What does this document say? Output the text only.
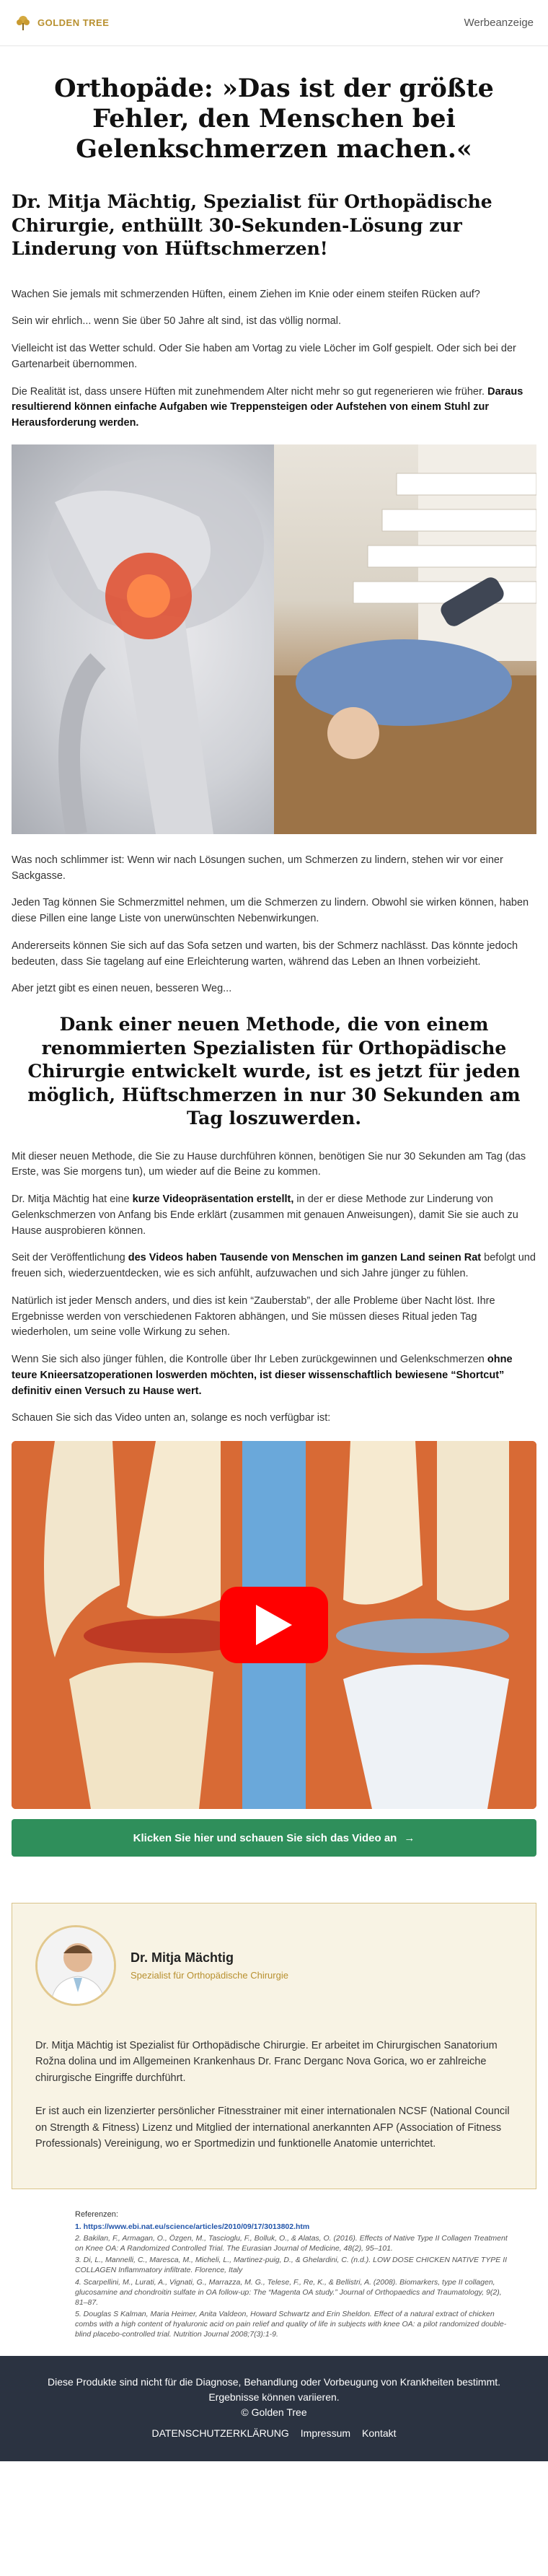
GOLDEN TREE	Werbeanzeige
Orthopäde: »Das ist der größte Fehler, den Menschen bei Gelenkschmerzen machen.«
Dr. Mitja Mächtig, Spezialist für Orthopädische Chirurgie, enthüllt 30-Sekunden-Lösung zur Linderung von Hüftschmerzen!

Wachen Sie jemals mit schmerzenden Hüften, einem Ziehen im Knie oder einem steifen Rücken auf?

Sein wir ehrlich... wenn Sie über 50 Jahre alt sind, ist das völlig normal.

Vielleicht ist das Wetter schuld. Oder Sie haben am Vortag zu viele Löcher im Golf gespielt. Oder sich bei der Gartenarbeit übernommen.

Die Realität ist, dass unsere Hüften mit zunehmendem Alter nicht mehr so gut regenerieren wie früher. Daraus resultierend können einfache Aufgaben wie Treppensteigen oder Aufstehen von einem Stuhl zur Herausforderung werden.

Was noch schlimmer ist: Wenn wir nach Lösungen suchen, um Schmerzen zu lindern, stehen wir vor einer Sackgasse.

Jeden Tag können Sie Schmerzmittel nehmen, um die Schmerzen zu lindern. Obwohl sie wirken können, haben diese Pillen eine lange Liste von unerwünschten Nebenwirkungen.

Andererseits können Sie sich auf das Sofa setzen und warten, bis der Schmerz nachlässt. Das könnte jedoch bedeuten, dass Sie tagelang auf eine Erleichterung warten, während das Leben an Ihnen vorbeizieht.

Aber jetzt gibt es einen neuen, besseren Weg...

Dank einer neuen Methode, die von einem renommierten Spezialisten für Orthopädische Chirurgie entwickelt wurde, ist es jetzt für jeden möglich, Hüftschmerzen in nur 30 Sekunden am Tag loszuwerden.

Mit dieser neuen Methode, die Sie zu Hause durchführen können, benötigen Sie nur 30 Sekunden am Tag (das Erste, was Sie morgens tun), um wieder auf die Beine zu kommen.

Dr. Mitja Mächtig hat eine kurze Videopräsentation erstellt, in der er diese Methode zur Linderung von Gelenkschmerzen von Anfang bis Ende erklärt (zusammen mit genauen Anweisungen), damit Sie sie auch zu Hause ausprobieren können.

Seit der Veröffentlichung des Videos haben Tausende von Menschen im ganzen Land seinen Rat befolgt und freuen sich, wiederzuentdecken, wie es sich anfühlt, aufzuwachen und sich Jahre jünger zu fühlen.

Natürlich ist jeder Mensch anders, und dies ist kein “Zauberstab”, der alle Probleme über Nacht löst. Ihre Ergebnisse werden von verschiedenen Faktoren abhängen, und Sie müssen dieses Ritual jeden Tag wiederholen, um seine volle Wirkung zu sehen.

Wenn Sie sich also jünger fühlen, die Kontrolle über Ihr Leben zurückgewinnen und Gelenkschmerzen ohne teure Knieersatzoperationen loswerden möchten, ist dieser wissenschaftlich bewiesene “Shortcut” definitiv einen Versuch zu Hause wert.

Schauen Sie sich das Video unten an, solange es noch verfügbar ist:

Klicken Sie hier und schauen Sie sich das Video an →
Dr. Mitja Mächtig
Spezialist für Orthopädische Chirurgie

Dr. Mitja Mächtig ist Spezialist für Orthopädische Chirurgie. Er arbeitet im Chirurgischen Sanatorium Rožna dolina und im Allgemeinen Krankenhaus Dr. Franc Derganc Nova Gorica, wo er zahlreiche chirurgische Eingriffe durchführt.

Er ist auch ein lizenzierter persönlicher Fitnesstrainer mit einer internationalen NCSF (National Council on Strength & Fitness) Lizenz und Mitglied der international anerkannten AFP (Association of Fitness Professionals) Vereinigung, wo er Sportmedizin und funktionelle Anatomie unterrichtet.

Referenzen:
1. https://www.ebi.nat.eu/science/articles/2010/09/17/3013802.htm
2. Bakilan, F., Armagan, O., Özgen, M., Tascioglu, F., Bolluk, O., & Alatas, O. (2016). Effects of Native Type II Collagen Treatment on Knee OA: A Randomized Controlled Trial. The Eurasian Journal of Medicine, 48(2), 95–101.
3. Di, L., Mannelli, C., Maresca, M., Micheli, L., Martinez-puig, D., & Ghelardini, C. (n.d.). LOW DOSE CHICKEN NATIVE TYPE II COLLAGEN Inflammatory infiltrate. Florence, Italy
4. Scarpellini, M., Lurati, A., Vignati, G., Marrazza, M. G., Telese, F., Re, K., & Bellistri, A. (2008). Biomarkers, type II collagen, glucosamine and chondroitin sulfate in OA follow-up: The “Magenta OA study.” Journal of Orthopaedics and Traumatology, 9(2), 81–87.
5. Douglas S Kalman, Maria Heimer, Anita Valdeon, Howard Schwartz and Erin Sheldon. Effect of a natural extract of chicken combs with a high content of hyaluronic acid on pain relief and quality of life in subjects with knee OA: a pilot randomized double-blind placebo-controlled trial. Nutrition Journal 2008;7(3):1-9.
Diese Produkte sind nicht für die Diagnose, Behandlung oder Vorbeugung von Krankheiten bestimmt. Ergebnisse können variieren.
© Golden Tree
DATENSCHUTZERKLÄRUNG Impressum Kontakt
